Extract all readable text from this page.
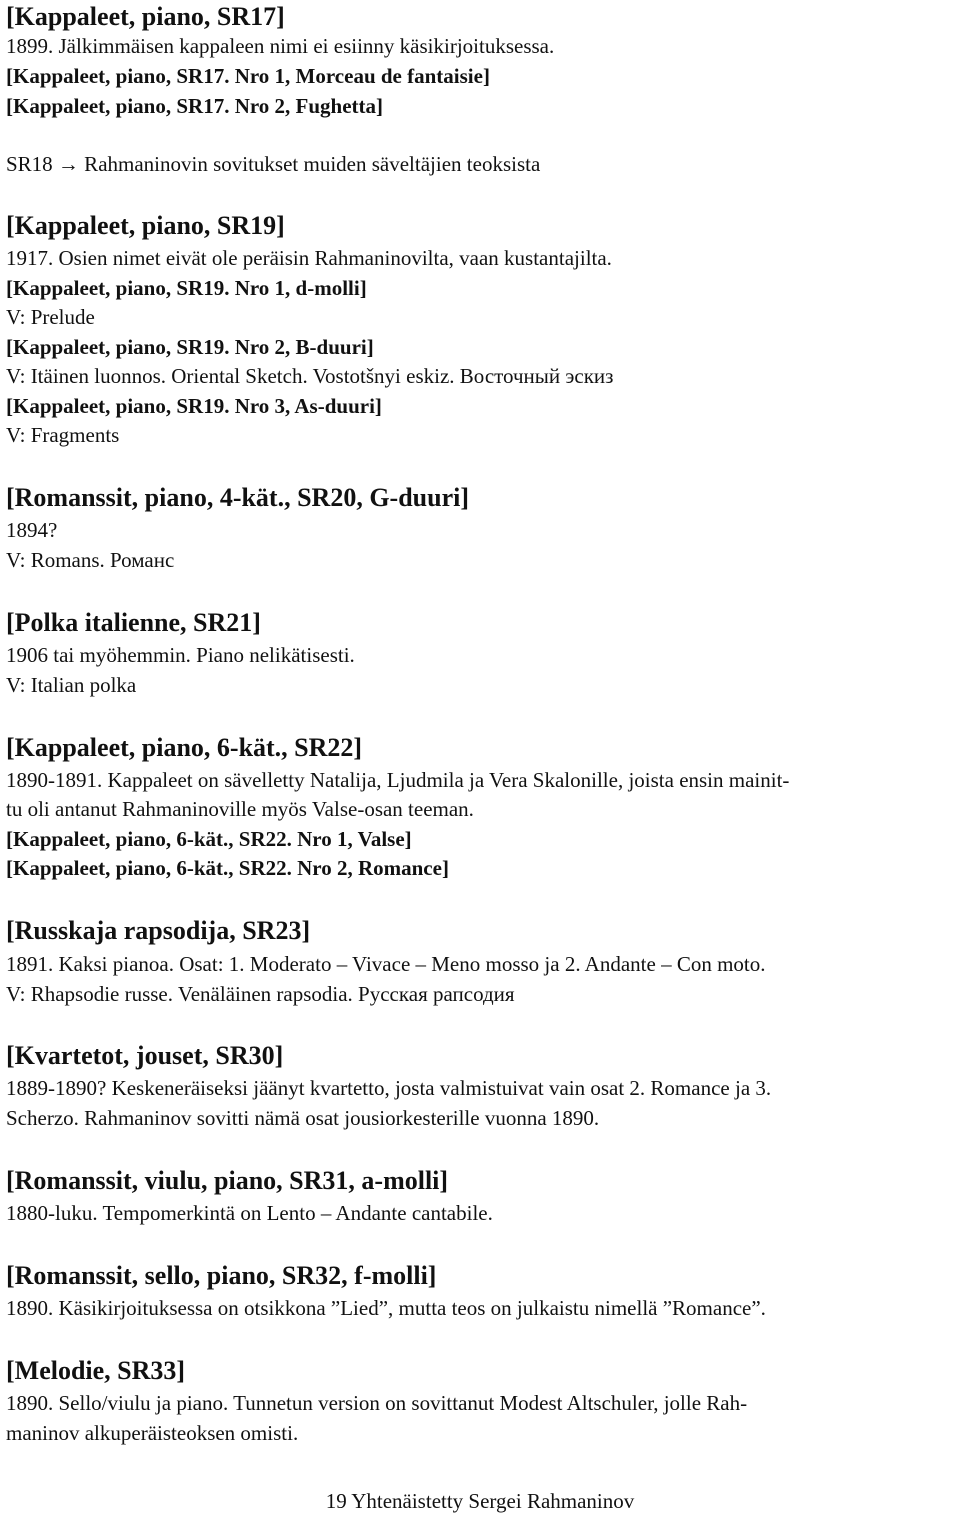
[Kappaleet, piano, SR17]
1899. Jälkimmäisen kappaleen nimi ei esiinny käsikirjoituksessa.
[Kappaleet, piano, SR17. Nro 1, Morceau de fantaisie]
[Kappaleet, piano, SR17. Nro 2, Fughetta]
SR18 → Rahmaninovin sovitukset muiden säveltäjien teoksista
[Kappaleet, piano, SR19]
1917. Osien nimet eivät ole peräisin Rahmaninovilta, vaan kustantajilta.
[Kappaleet, piano, SR19. Nro 1, d-molli]
V: Prelude
[Kappaleet, piano, SR19. Nro 2, B-duuri]
V: Itäinen luonnos. Oriental Sketch. Vostotšnyi eskiz. Восточный эскиз
[Kappaleet, piano, SR19. Nro 3, As-duuri]
V: Fragments
[Romanssit, piano, 4-kät., SR20, G-duuri]
1894?
V: Romans. Романс
[Polka italienne, SR21]
1906 tai myöhemmin. Piano nelikätisesti.
V: Italian polka
[Kappaleet, piano, 6-kät., SR22]
1890-1891. Kappaleet on sävelletty Natalija, Ljudmila ja Vera Skalonille, joista ensin mainit-
tu oli antanut Rahmaninoville myös Valse-osan teeman.
[Kappaleet, piano, 6-kät., SR22. Nro 1, Valse]
[Kappaleet, piano, 6-kät., SR22. Nro 2, Romance]
[Russkaja rapsodija, SR23]
1891. Kaksi pianoa. Osat: 1. Moderato – Vivace – Meno mosso ja 2. Andante – Con moto.
V: Rhapsodie russe. Venäläinen rapsodia. Русская рапсодия
[Kvartetot, jouset, SR30]
1889-1890? Keskeneräiseksi jäänyt kvartetto, josta valmistuivat vain osat 2. Romance ja 3.
Scherzo. Rahmaninov sovitti nämä osat jousiorkesterille vuonna 1890.
[Romanssit, viulu, piano, SR31, a-molli]
1880-luku. Tempomerkintä on Lento – Andante cantabile.
[Romanssit, sello, piano, SR32, f-molli]
1890. Käsikirjoituksessa on otsikkona ”Lied”, mutta teos on julkaistu nimellä ”Romance”.
[Melodie, SR33]
1890. Sello/viulu ja piano. Tunnetun version on sovittanut Modest Altschuler, jolle Rah-
maninov alkuperäisteoksen omisti.
19 Yhtenäistetty Sergei Rahmaninov
